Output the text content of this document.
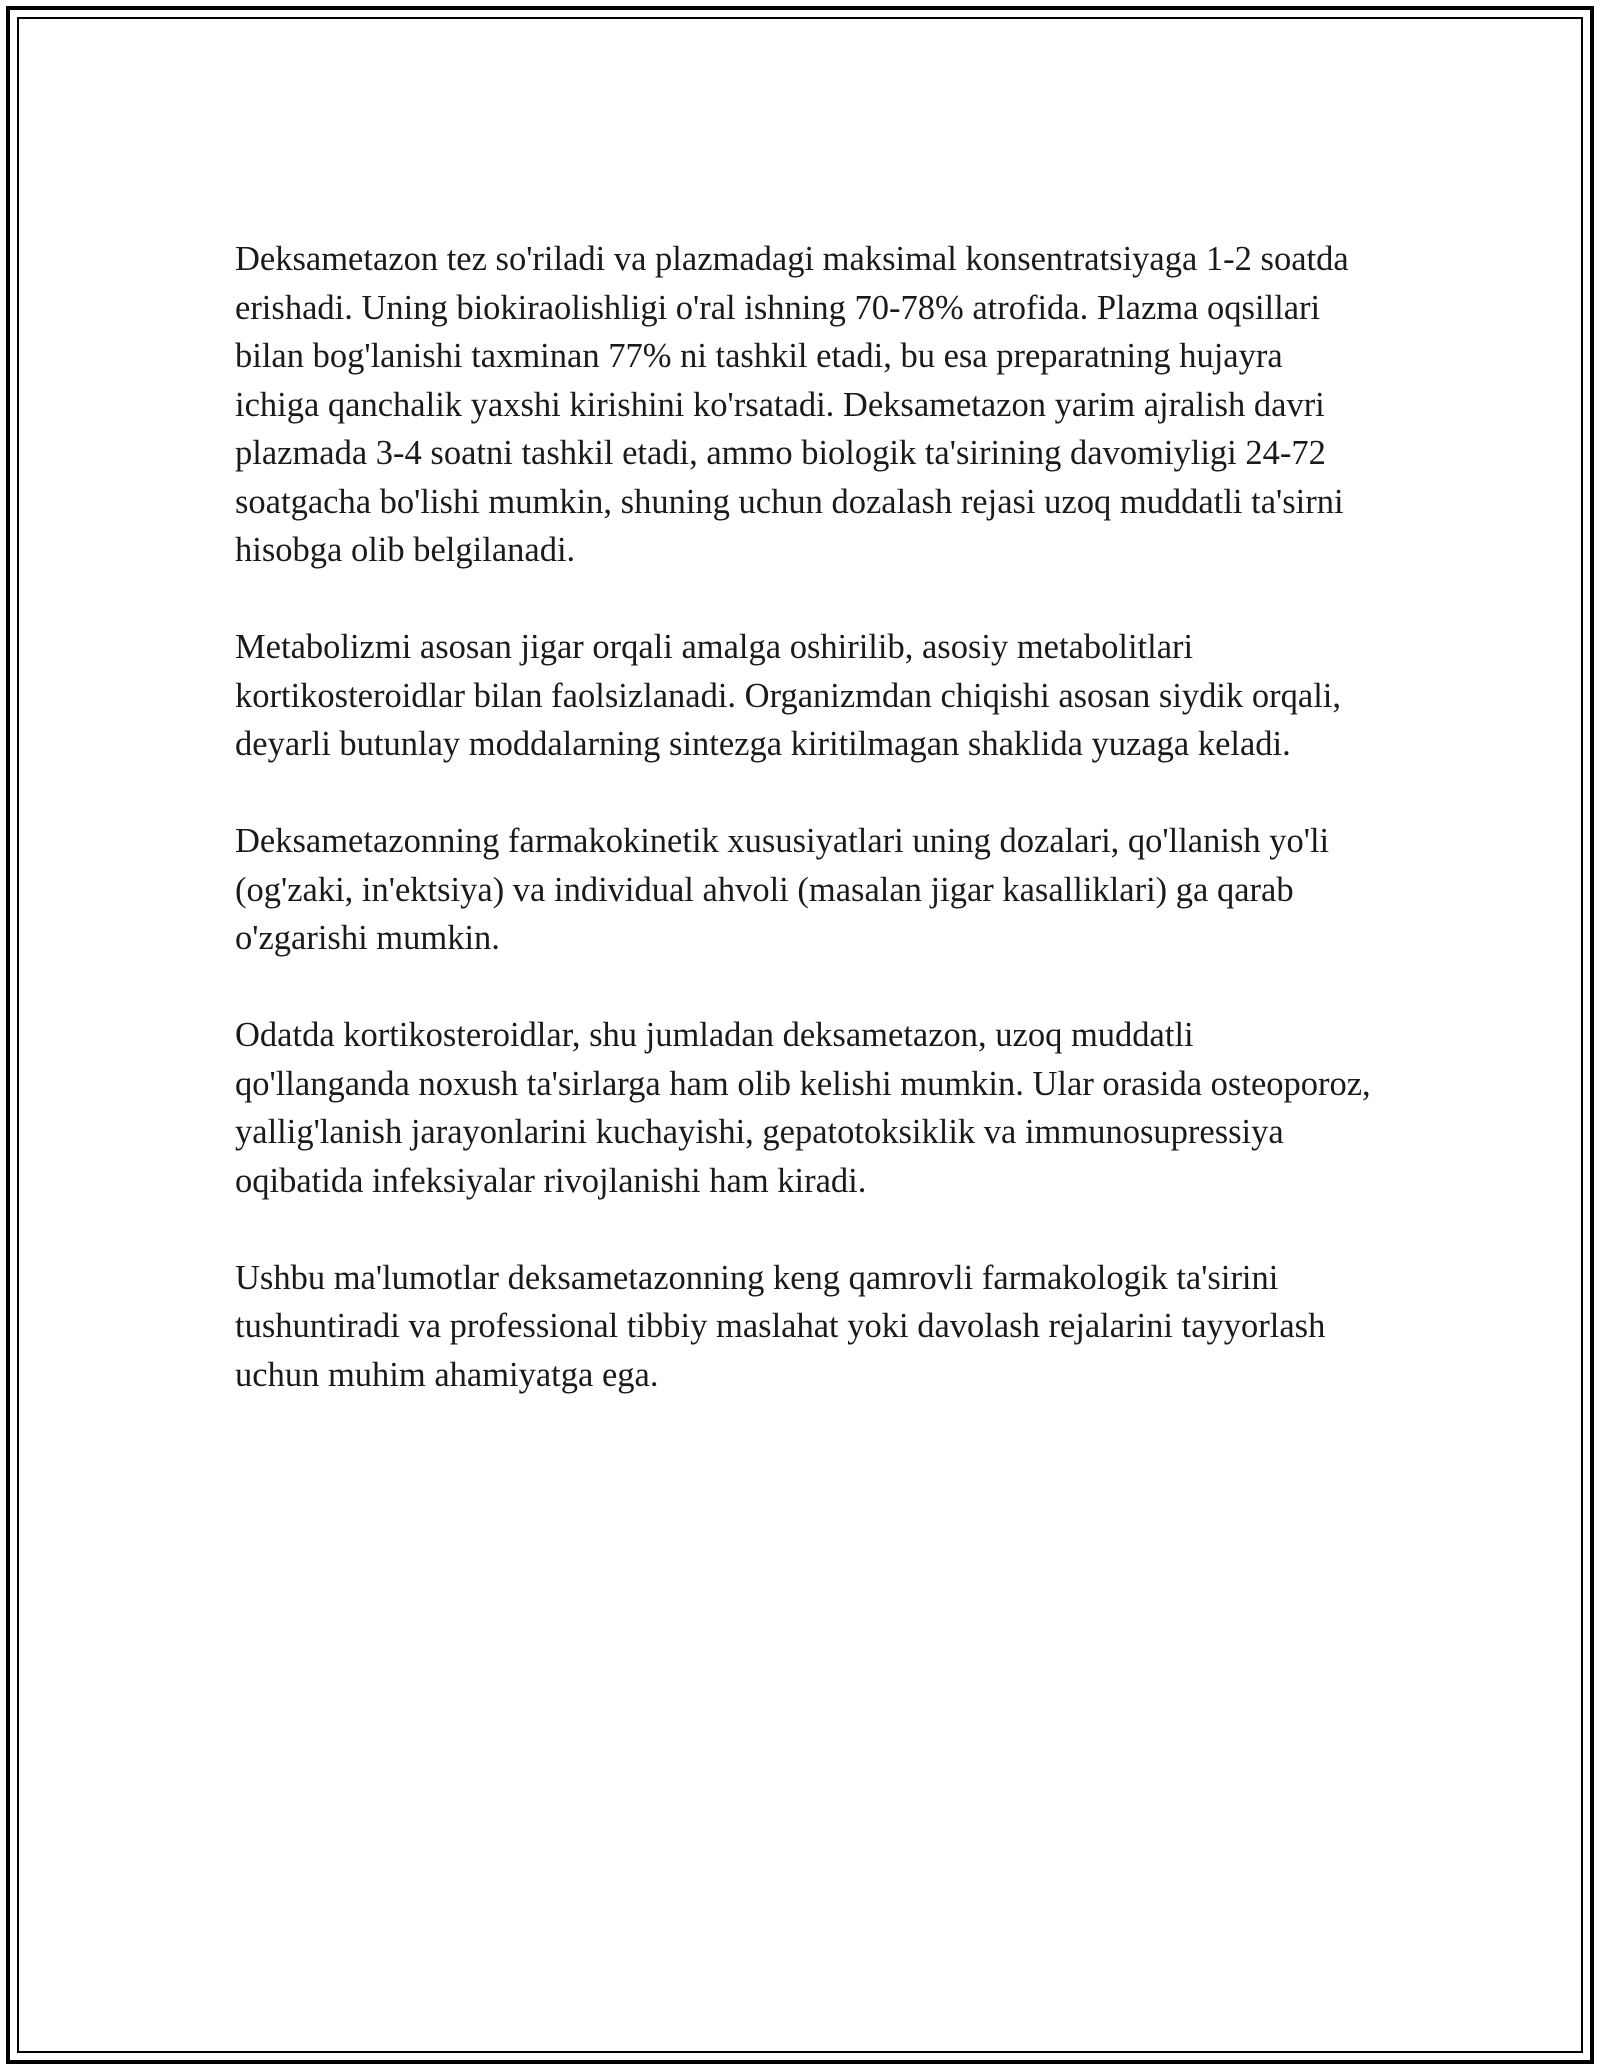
Deksametazon tez so'riladi va plazmadagi maksimal konsentratsiyaga 1-2 soatda erishadi. Uning biokiraolishligi o'ral ishning 70-78% atrofida. Plazma oqsillari bilan bog'lanishi taxminan 77% ni tashkil etadi, bu esa preparatning hujayra ichiga qanchalik yaxshi kirishini ko'rsatadi. Deksametazon yarim ajralish davri plazmada 3-4 soatni tashkil etadi, ammo biologik ta'sirining davomiyligi 24-72 soatgacha bo'lishi mumkin, shuning uchun dozalash rejasi uzoq muddatli ta'sirni hisobga olib belgilanadi.

Metabolizmi asosan jigar orqali amalga oshirilib, asosiy metabolitlari kortikosteroidlar bilan faolsizlanadi. Organizmdan chiqishi asosan siydik orqali, deyarli butunlay moddalarning sintezga kiritilmagan shaklida yuzaga keladi.

Deksametazonning farmakokinetik xususiyatlari uning dozalari, qo'llanish yo'li (og'zaki, in'ektsiya) va individual ahvoli (masalan jigar kasalliklari) ga qarab o'zgarishi mumkin.

Odatda kortikosteroidlar, shu jumladan deksametazon, uzoq muddatli qo'llanganda noxush ta'sirlarga ham olib kelishi mumkin. Ular orasida osteoporoz, yallig'lanish jarayonlarini kuchayishi, gepatotoksiklik va immunosupressiya oqibatida infeksiyalar rivojlanishi ham kiradi.

Ushbu ma'lumotlar deksametazonning keng qamrovli farmakologik ta'sirini tushuntiradi va professional tibbiy maslahat yoki davolash rejalarini tayyorlash uchun muhim ahamiyatga ega.
